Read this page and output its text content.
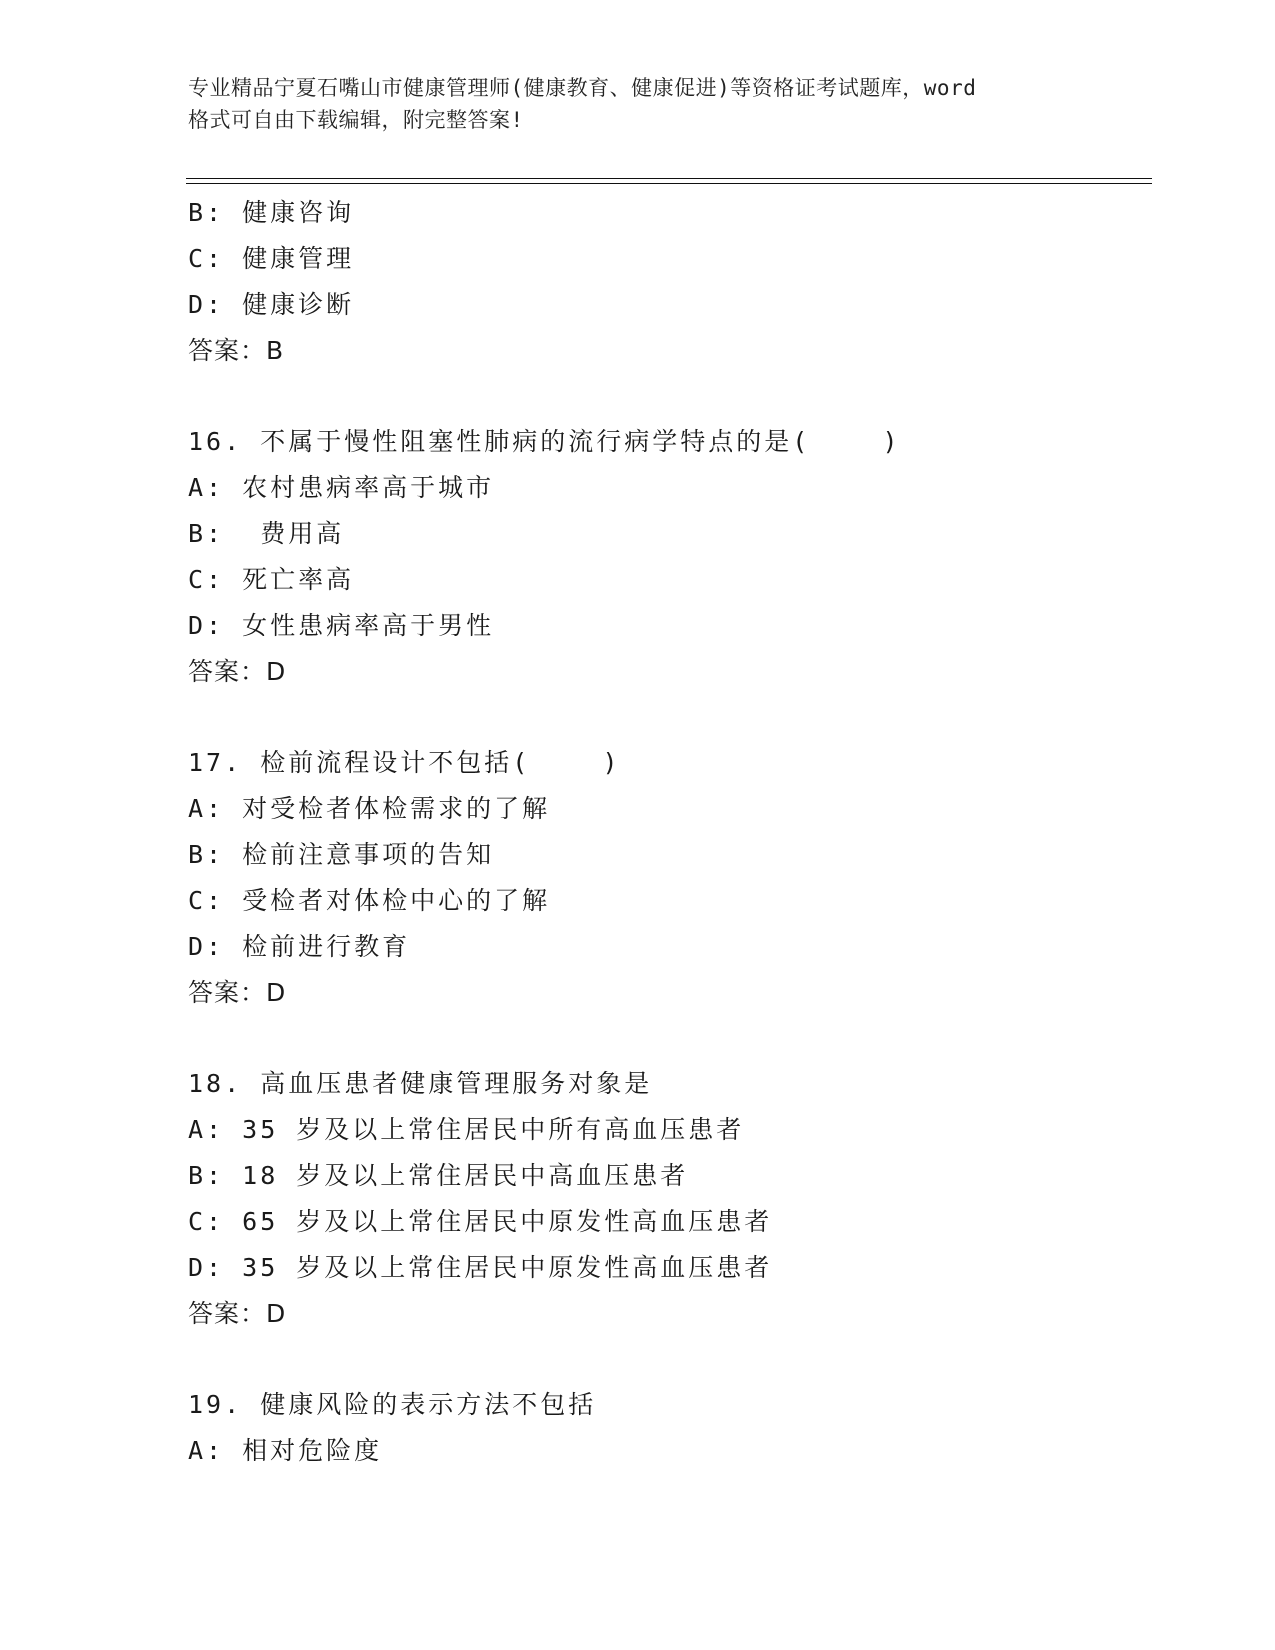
专业精品宁夏石嘴山市健康管理师(健康教育、健康促进)等资格证考试题库，word
格式可自由下载编辑，附完整答案!
B: 健康咨询
C: 健康管理
D: 健康诊断
答案：B
16. 不属于慢性阻塞性肺病的流行病学特点的是(    )
A: 农村患病率高于城市
B:  费用高
C: 死亡率高
D: 女性患病率高于男性
答案：D
17. 检前流程设计不包括(    )
A: 对受检者体检需求的了解
B: 检前注意事项的告知
C: 受检者对体检中心的了解
D: 检前进行教育
答案：D
18. 高血压患者健康管理服务对象是
A: 35 岁及以上常住居民中所有高血压患者
B: 18 岁及以上常住居民中高血压患者
C: 65 岁及以上常住居民中原发性高血压患者
D: 35 岁及以上常住居民中原发性高血压患者
答案：D
19. 健康风险的表示方法不包括
A: 相对危险度
